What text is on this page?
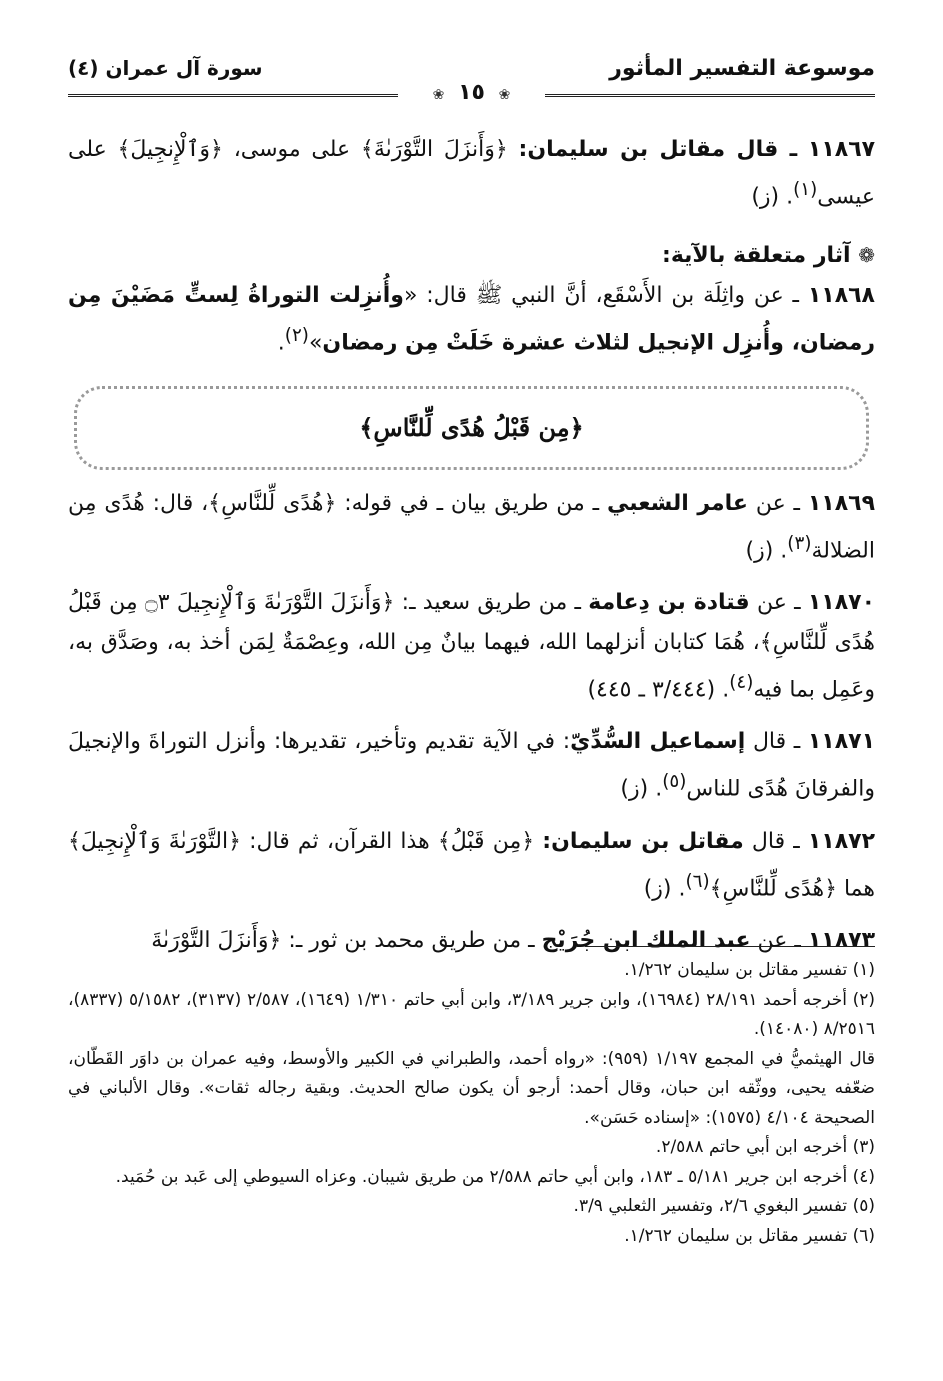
موسوعة التفسير المأثور
سورة آل عمران (٤)
❀ ١٥ ❀

١١٨٦٧ ـ قال مقاتل بن سليمان: ﴿وَأَنزَلَ التَّوْرَىٰةَ﴾ على موسى، ﴿وَٱلْإِنجِيلَ﴾ على عيسى$^{(١)}$. (ز)

❁ آثار متعلقة بالآية:

١١٨٦٨ ـ عن واثِلَة بن الأَسْقَع، أنَّ النبي ﷺ قال: «وأُنزِلت التوراةُ لِستٍّ مَضَيْنَ مِن رمضان، وأُنزِل الإنجيل لثلاث عشرة خَلَتْ مِن رمضان»$^{(٢)}$.

﴿مِن قَبْلُ هُدًى لِّلنَّاسِ﴾

١١٨٦٩ ـ عن عامر الشعبي ـ من طريق بيان ـ في قوله: ﴿هُدًى لِّلنَّاسِ﴾، قال: هُدًى مِن الضلالة$^{(٣)}$. (ز)

١١٨٧٠ ـ عن قتادة بن دِعامة ـ من طريق سعيد ـ: ﴿وَأَنزَلَ التَّوْرَىٰةَ وَٱلْإِنجِيلَ ۝٣ مِن قَبْلُ هُدًى لِّلنَّاسِ﴾، هُمَا كتابان أنزلهما الله، فيهما بيانٌ مِن الله، وعِصْمَةٌ لِمَن أخذ به، وصَدَّق به، وعَمِل بما فيه$^{(٤)}$. (٣/٤٤٤ ـ ٤٤٥)

١١٨٧١ ـ قال إسماعيل السُّدِّيّ: في الآية تقديم وتأخير، تقديرها: وأنزل التوراةَ والإنجيلَ والفرقانَ هُدًى للناس$^{(٥)}$. (ز)

١١٨٧٢ ـ قال مقاتل بن سليمان: ﴿مِن قَبْلُ﴾ هذا القرآن، ثم قال: ﴿التَّوْرَىٰةَ وَٱلْإِنجِيلَ﴾ هما ﴿هُدًى لِّلنَّاسِ﴾$^{(٦)}$. (ز)

١١٨٧٣ ـ عن عبد الملك ابن جُرَيْج ـ من طريق محمد بن ثور ـ: ﴿وَأَنزَلَ التَّوْرَىٰةَ

(١) تفسير مقاتل بن سليمان ١/٢٦٢.

(٢) أخرجه أحمد ٢٨/١٩١ (١٦٩٨٤)، وابن جرير ٣/١٨٩، وابن أبي حاتم ١/٣١٠ (١٦٤٩)، ٢/٥٨٧ (٣١٣٧)، ٥/١٥٨٢ (٨٣٣٧)، ٨/٢٥١٦ (١٤٠٨٠).

قال الهيثميُّ في المجمع ١/١٩٧ (٩٥٩): «رواه أحمد، والطبراني في الكبير والأوسط، وفيه عمران بن داوَر القَطّان، ضعّفه يحيى، ووثّقه ابن حبان، وقال أحمد: أرجو أن يكون صالح الحديث. وبقية رجاله ثقات». وقال الألباني في الصحيحة ٤/١٠٤ (١٥٧٥): «إسناده حَسَن».

(٣) أخرجه ابن أبي حاتم ٢/٥٨٨.

(٤) أخرجه ابن جرير ٥/١٨١ ـ ١٨٣، وابن أبي حاتم ٢/٥٨٨ من طريق شيبان. وعزاه السيوطي إلى عَبد بن حُمَيد.

(٥) تفسير البغوي ٢/٦، وتفسير الثعلبي ٣/٩.

(٦) تفسير مقاتل بن سليمان ١/٢٦٢.
